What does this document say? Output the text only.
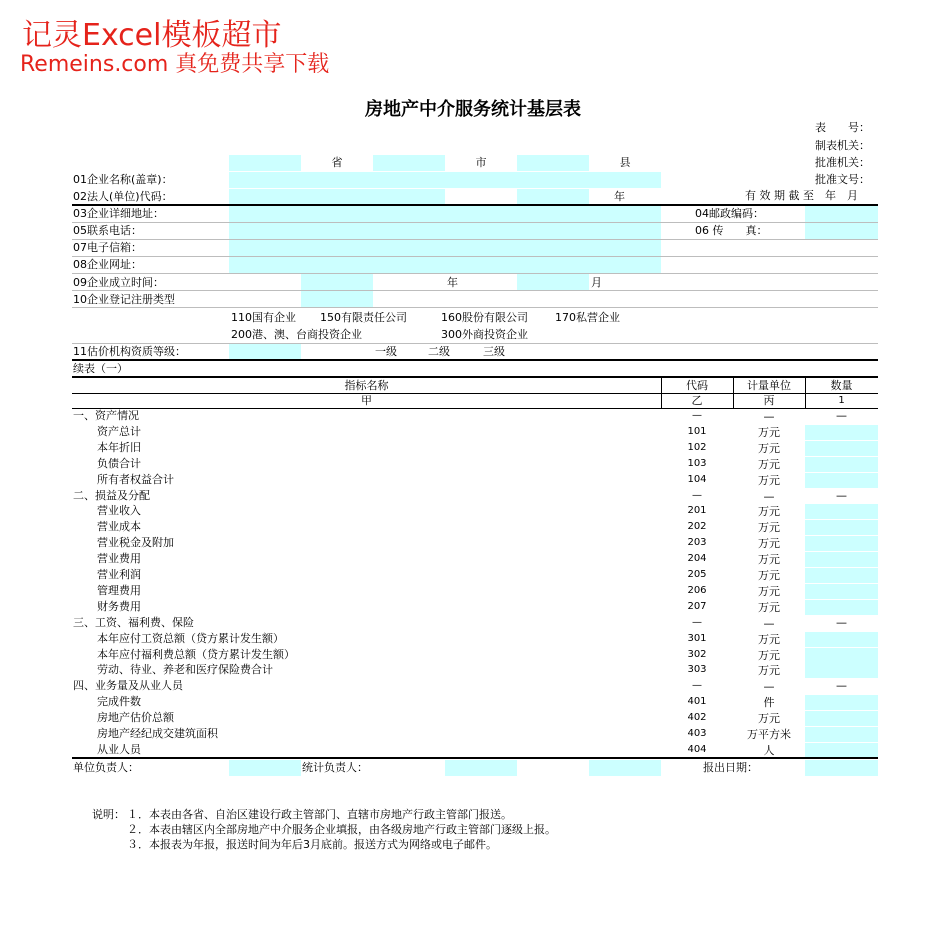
记灵Excel模板超市
Remeins.com 真免费共享下载
房地产中介服务统计基层表
表　　号：
制表机关：
批准机关：
批准文号：
有 效 期 截 至　年　月
省	市	县
01企业名称(盖章)：
02法人(单位)代码：	年
03企业详细地址：	04邮政编码：
05联系电话：	06 传　　真：
07电子信箱：
08企业网址：
09企业成立时间：	年	月
10企业登记注册类型
110国有企业 150有限责任公司	160股份有限公司 170私营企业
200港、澳、台商投资企业	300外商投资企业
11估价机构资质等级：	一级	二级	三级
续表（一）
指标名称	代码	计量单位	数量
甲	乙	丙	1
一、资产情况	—	—	—
资产总计	101	万元
本年折旧	102	万元
负债合计	103	万元
所有者权益合计	104	万元
二、损益及分配	—	—	—
营业收入	201	万元
营业成本	202	万元
营业税金及附加	203	万元
营业费用	204	万元
营业利润	205	万元
管理费用	206	万元
财务费用	207	万元
三、工资、福利费、保险	—	—	—
本年应付工资总额（贷方累计发生额）	301	万元
本年应付福利费总额（贷方累计发生额）	302	万元
劳动、待业、养老和医疗保险费合计	303	万元
四、业务量及从业人员	—	—	—
完成件数	401	件
房地产估价总额	402	万元
房地产经纪成交建筑面积	403	万平方米
从业人员	404	人
单位负责人：	统计负责人：	报出日期：
说明： １．本表由各省、自治区建设行政主管部门、直辖市房地产行政主管部门报送。
２．本表由辖区内全部房地产中介服务企业填报，由各级房地产行政主管部门逐级上报。
３．本报表为年报，报送时间为年后3月底前。报送方式为网络或电子邮件。
